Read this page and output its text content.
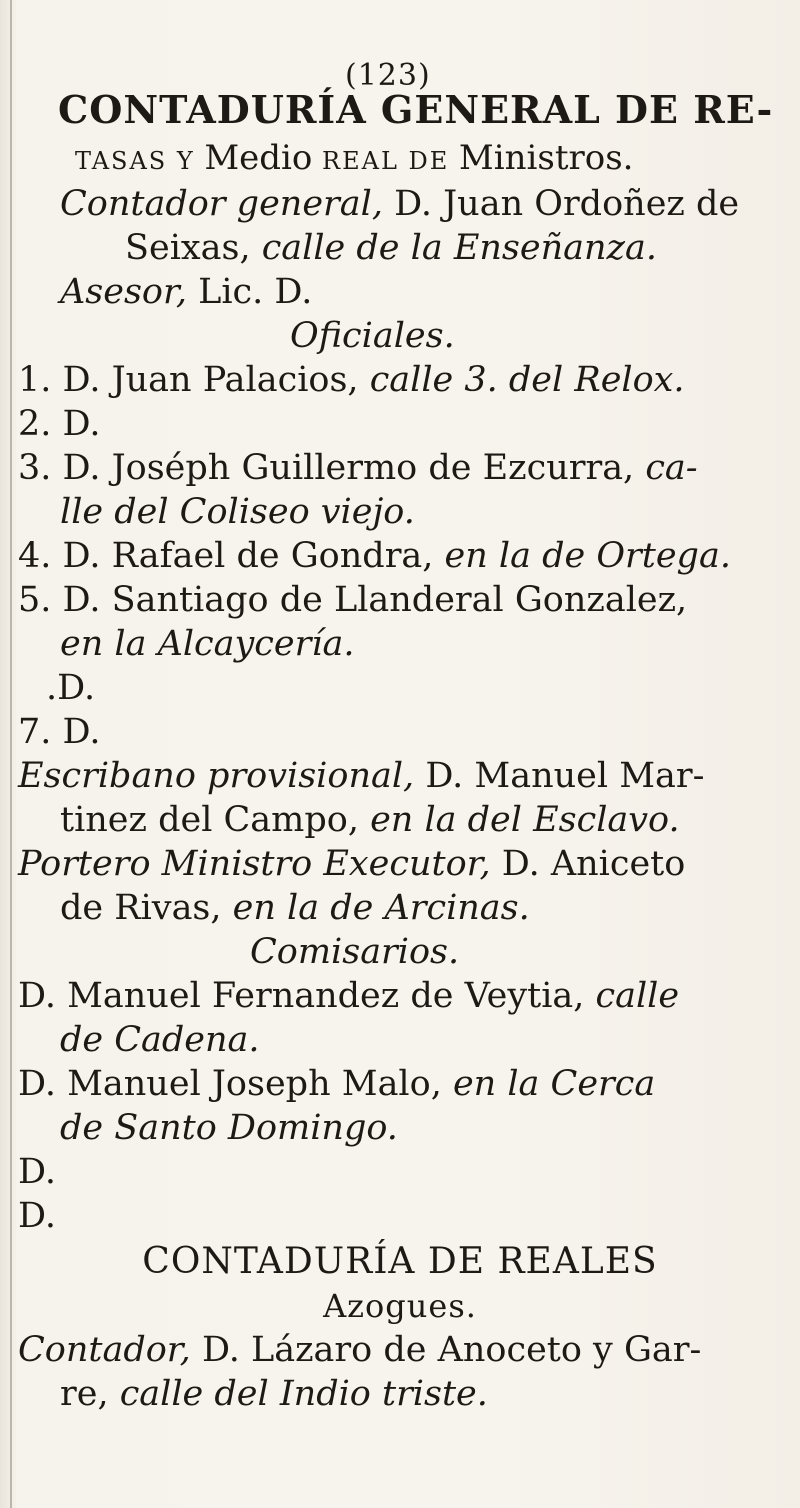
(123)
CONTADURÍA GENERAL DE RE-
TASAS Y Medio REAL DE Ministros.
Contador general, D. Juan Ordoñez de
Seixas, calle de la Enseñanza.
Asesor, Lic. D.
Oficiales.
1. D. Juan Palacios, calle 3. del Relox.
2. D.
3. D. Joséph Guillermo de Ezcurra, ca-
lle del Coliseo viejo.
4. D. Rafael de Gondra, en la de Ortega.
5. D. Santiago de Llanderal Gonzalez,
en la Alcaycería.
.D.
7. D.
Escribano provisional, D. Manuel Mar-
tinez del Campo, en la del Esclavo.
Portero Ministro Executor, D. Aniceto
de Rivas, en la de Arcinas.
Comisarios.
D. Manuel Fernandez de Veytia, calle
de Cadena.
D. Manuel Joseph Malo, en la Cerca
de Santo Domingo.
D.
D.
CONTADURÍA DE REALES
Azogues.
Contador, D. Lázaro de Anoceto y Gar-
re, calle del Indio triste.
